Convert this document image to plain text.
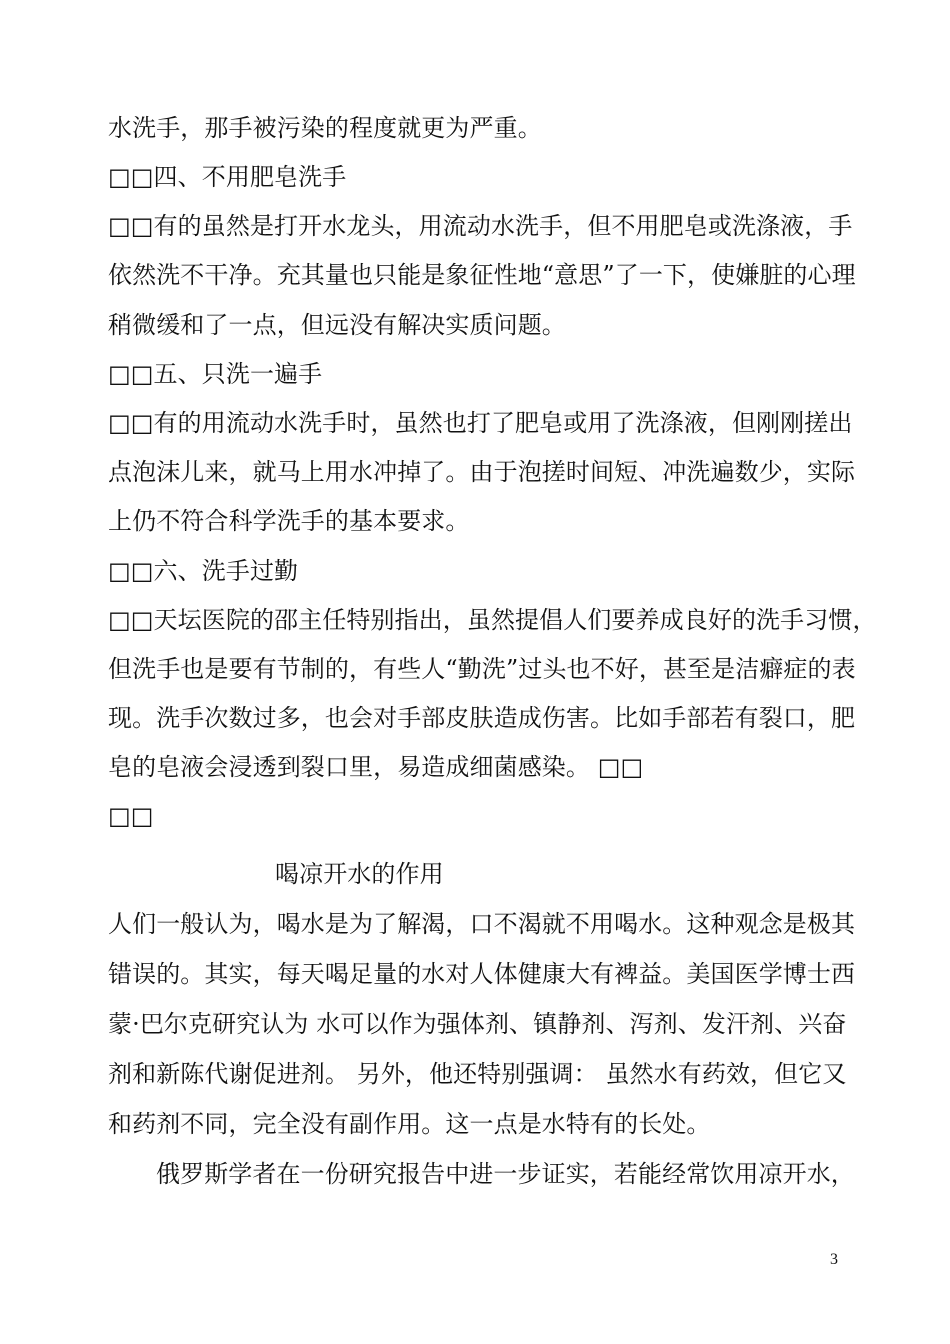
水洗手，那手被污染的程度就更为严重。
□□四、不用肥皂洗手
□□有的虽然是打开水龙头，用流动水洗手，但不用肥皂或洗涤液，手
依然洗不干净。充其量也只能是象征性地“意思”了一下，使嫌脏的心理
稍微缓和了一点，但远没有解决实质问题。
□□五、只洗一遍手
□□有的用流动水洗手时，虽然也打了肥皂或用了洗涤液，但刚刚搓出
点泡沫儿来，就马上用水冲掉了。由于泡搓时间短、冲洗遍数少，实际
上仍不符合科学洗手的基本要求。
□□六、洗手过勤
□□天坛医院的邵主任特别指出，虽然提倡人们要养成良好的洗手习惯，
但洗手也是要有节制的，有些人“勤洗”过头也不好，甚至是洁癖症的表
现。洗手次数过多，也会对手部皮肤造成伤害。比如手部若有裂口，肥
皂的皂液会浸透到裂口里，易造成细菌感染。 □□
□□
喝凉开水的作用
人们一般认为，喝水是为了解渴，口不渴就不用喝水。这种观念是极其
错误的。其实，每天喝足量的水对人体健康大有裨益。美国医学博士西
蒙·巴尔克研究认为 水可以作为强体剂、镇静剂、泻剂、发汗剂、兴奋
剂和新陈代谢促进剂。 另外，他还特别强调： 虽然水有药效，但它又
和药剂不同，完全没有副作用。这一点是水特有的长处。
俄罗斯学者在一份研究报告中进一步证实，若能经常饮用凉开水，
3
